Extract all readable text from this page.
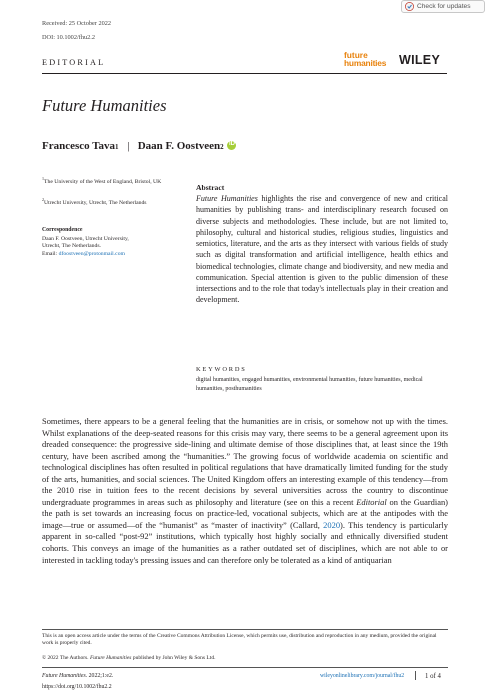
Received: 25 October 2022
DOI: 10.1002/fhu2.2
EDITORIAL
Check for updates
future
humanities WILEY
Future Humanities
Francesco Tava 1 | Daan F. Oostveen 2 iD
$^1$The University of the West of England, Bristol, UK
$^2$Utrecht University, Utrecht, The Netherlands
Correspondence
Daan F. Oostveen, Utrecht University,
Utrecht, The Netherlands.
Email: dfoostveen@protonmail.com
Abstract
Future Humanities highlights the rise and convergence of new and critical humanities by publishing trans- and interdisciplinary research focused on diverse subjects and methodologies. These include, but are not limited to, philosophy, cultural and historical studies, religious studies, linguistics and semiotics, literature, and the arts as they intersect with various fields of study such as digital transformation and artificial intelligence, health ethics and biomedical technologies, climate change and biodiversity, and new media and communication. Special attention is given to the public dimension of these intersections and to the role that today's intellectuals play in their creation and development.
KEYWORDS
digital humanities, engaged humanities, environmental humanities, future humanities, medical humanities, posthumanities
Sometimes, there appears to be a general feeling that the humanities are in crisis, or somehow not up with the times. Whilst explanations of the deep-seated reasons for this crisis may vary, there seems to be a general agreement upon its dreaded consequence: the progressive side-lining and ultimate demise of those disciplines that, at least since the 19th century, have been ascribed among the “humanities.” The growing focus of worldwide academia on scientific and technological disciplines has often resulted in political regulations that have dramatically limited funding for the study of the arts, humanities, and social sciences. The United Kingdom offers an interesting example of this tendency—from the 2010 rise in tuition fees to the recent decisions by several universities across the country to discontinue undergraduate programmes in areas such as philosophy and literature (see on this a recent Editorial on the Guardian) the path is set towards an increasing focus on practice-led, vocational subjects, which are at the antipodes with the image—true or assumed—of the “humanist” as “master of inactivity” (Callard, 2020). This tendency is particularly apparent in so-called “post-92” institutions, which typically host highly socially and ethnically diversified student cohorts. This conveys an image of the humanities as a rather outdated set of disciplines, which are not able to or interested in tackling today's pressing issues and can therefore only be tolerated as a kind of antiquarian
This is an open access article under the terms of the Creative Commons Attribution License, which permits use, distribution and reproduction in any medium, provided the original work is properly cited.
© 2022 The Authors. Future Humanities published by John Wiley & Sons Ltd.
Future Humanities. 2022;1:e2.
https://doi.org/10.1002/fhu2.2
wileyonlinelibrary.com/journal/fhu2	1 of 4
